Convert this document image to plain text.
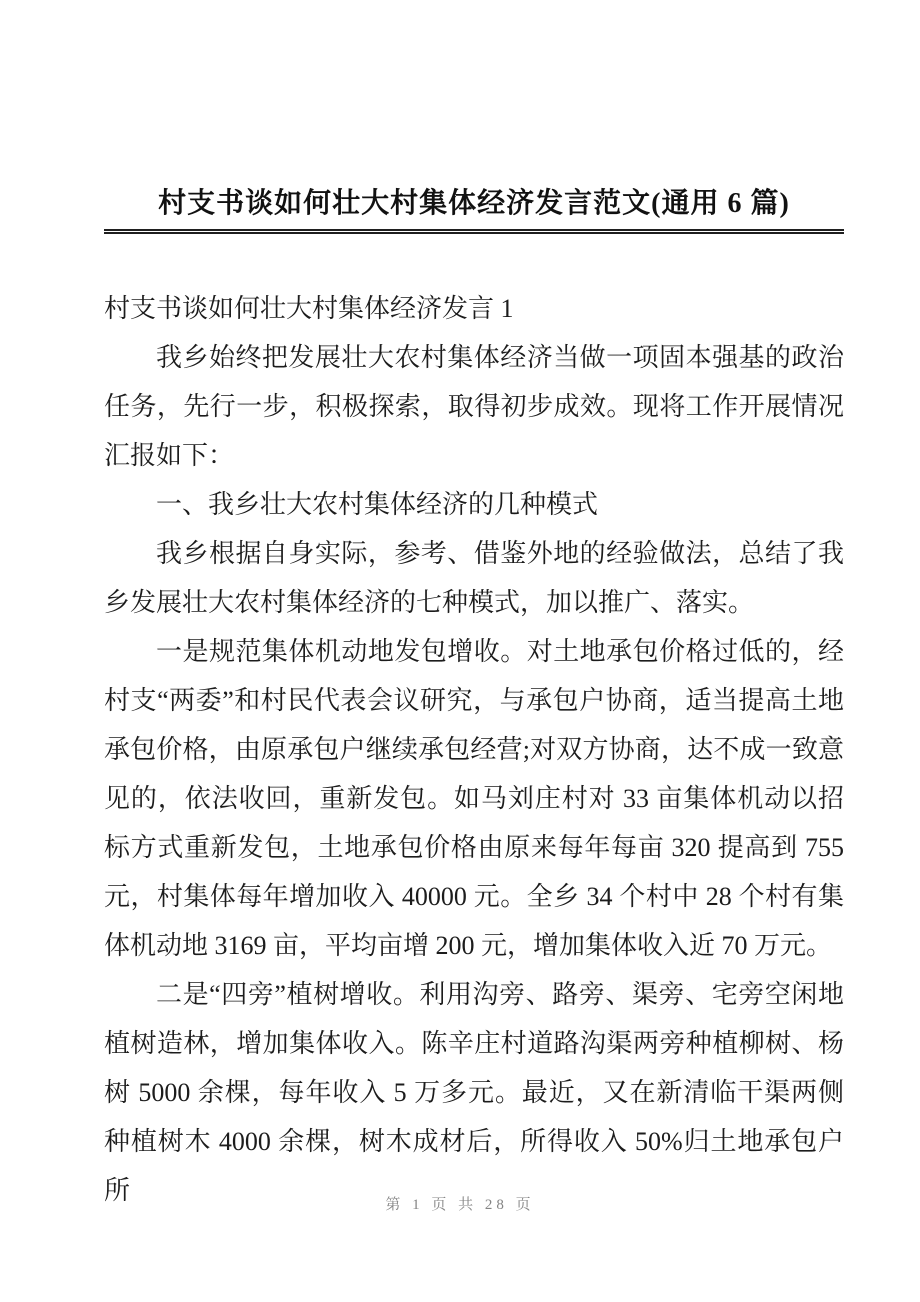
村支书谈如何壮大村集体经济发言范文(通用 6 篇)

村支书谈如何壮大村集体经济发言 1

我乡始终把发展壮大农村集体经济当做一项固本强基的政治任务，先行一步，积极探索，取得初步成效。现将工作开展情况汇报如下：

一、我乡壮大农村集体经济的几种模式

我乡根据自身实际，参考、借鉴外地的经验做法，总结了我乡发展壮大农村集体经济的七种模式，加以推广、落实。

一是规范集体机动地发包增收。对土地承包价格过低的，经村支“两委”和村民代表会议研究，与承包户协商，适当提高土地承包价格，由原承包户继续承包经营;对双方协商，达不成一致意见的，依法收回，重新发包。如马刘庄村对 33 亩集体机动以招标方式重新发包，土地承包价格由原来每年每亩 320 提高到 755 元，村集体每年增加收入 40000 元。全乡 34 个村中 28 个村有集体机动地 3169 亩，平均亩增 200 元，增加集体收入近 70 万元。

二是“四旁”植树增收。利用沟旁、路旁、渠旁、宅旁空闲地植树造林，增加集体收入。陈辛庄村道路沟渠两旁种植柳树、杨树 5000 余棵，每年收入 5 万多元。最近，又在新清临干渠两侧种植树木 4000 余棵，树木成材后，所得收入 50%归土地承包户所	第 1 页 共 28 页
